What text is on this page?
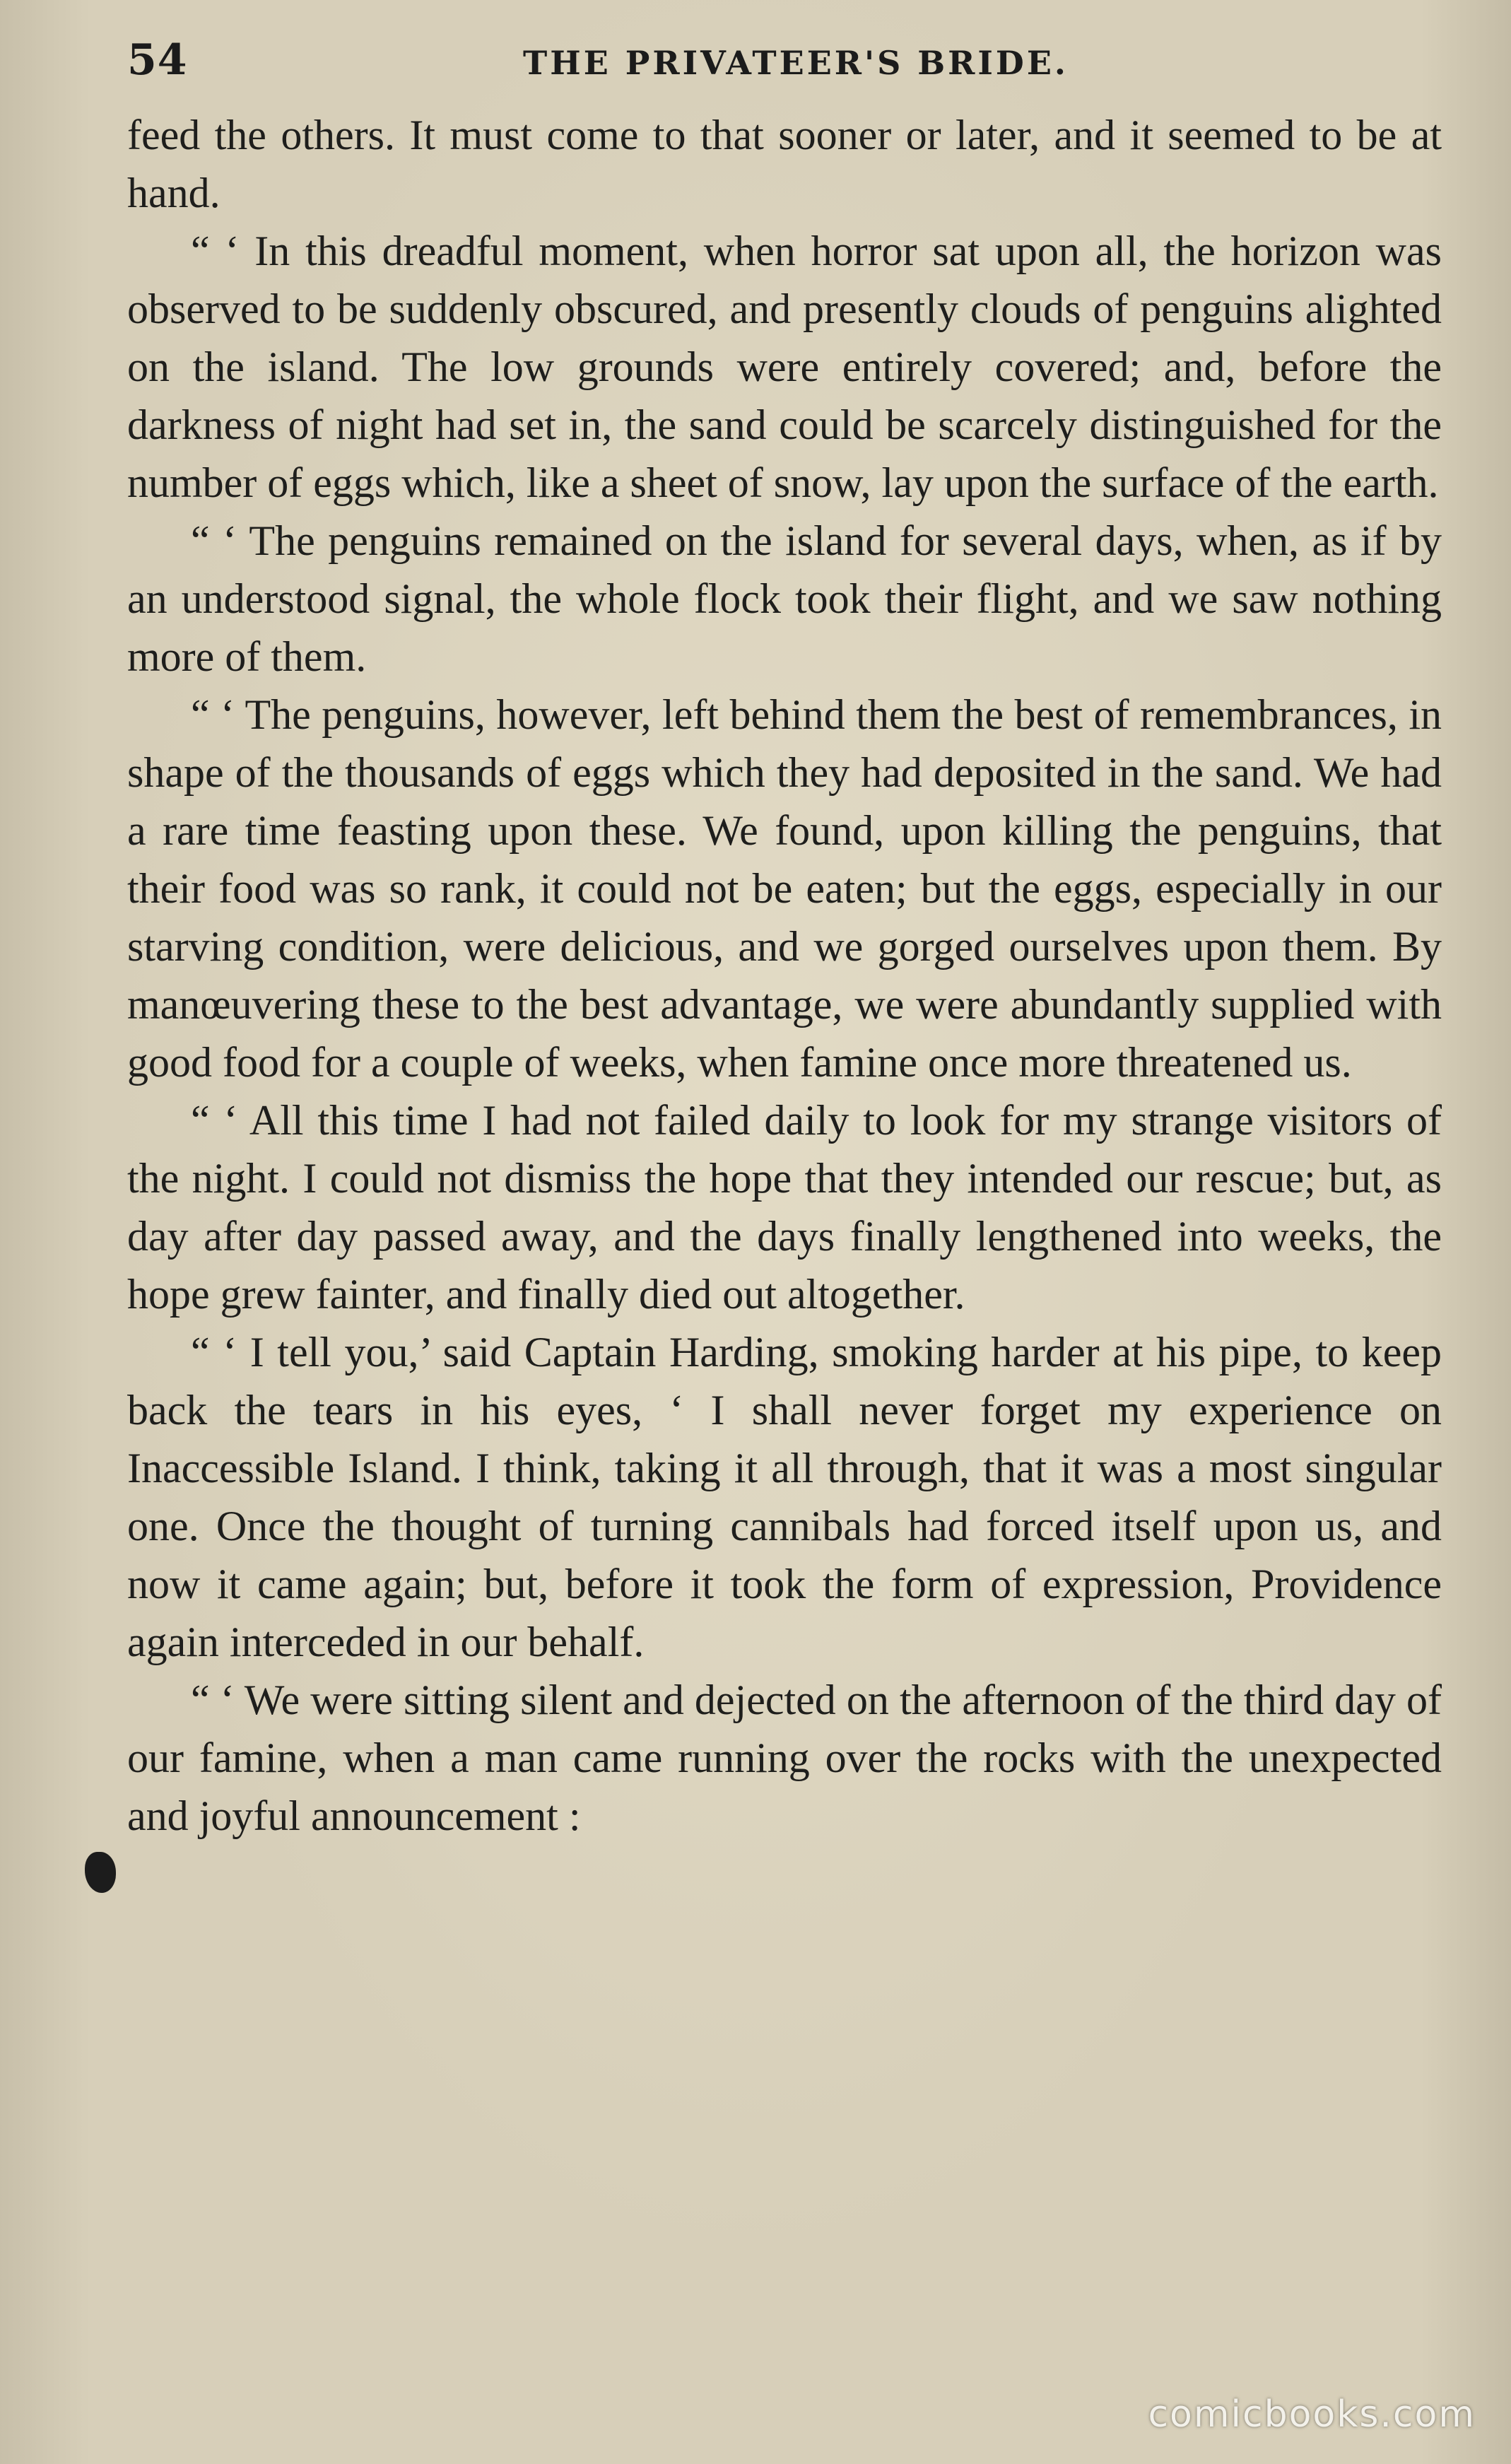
54	THE PRIVATEER'S BRIDE.

feed the others. It must come to that sooner or later, and it seemed to be at hand.

“ ‘ In this dreadful moment, when horror sat upon all, the horizon was observed to be suddenly obscured, and presently clouds of penguins alighted on the island. The low grounds were entirely covered; and, before the darkness of night had set in, the sand could be scarcely distinguished for the number of eggs which, like a sheet of snow, lay upon the surface of the earth.

“ ‘ The penguins remained on the island for several days, when, as if by an understood signal, the whole flock took their flight, and we saw nothing more of them.

“ ‘ The penguins, however, left behind them the best of remembrances, in shape of the thousands of eggs which they had deposited in the sand. We had a rare time feasting upon these. We found, upon killing the penguins, that their food was so rank, it could not be eaten; but the eggs, especially in our starving condition, were delicious, and we gorged ourselves upon them. By manœuvering these to the best advantage, we were abundantly supplied with good food for a couple of weeks, when famine once more threatened us.

“ ‘ All this time I had not failed daily to look for my strange visitors of the night. I could not dismiss the hope that they intended our rescue; but, as day after day passed away, and the days finally lengthened into weeks, the hope grew fainter, and finally died out altogether.

“ ‘ I tell you,’ said Captain Harding, smoking harder at his pipe, to keep back the tears in his eyes, ‘ I shall never forget my experience on Inaccessible Island. I think, taking it all through, that it was a most singular one. Once the thought of turning cannibals had forced itself upon us, and now it came again; but, before it took the form of expression, Providence again interceded in our behalf.

“ ‘ We were sitting silent and dejected on the afternoon of the third day of our famine, when a man came running over the rocks with the unexpected and joyful announcement :

comicbooks.com
